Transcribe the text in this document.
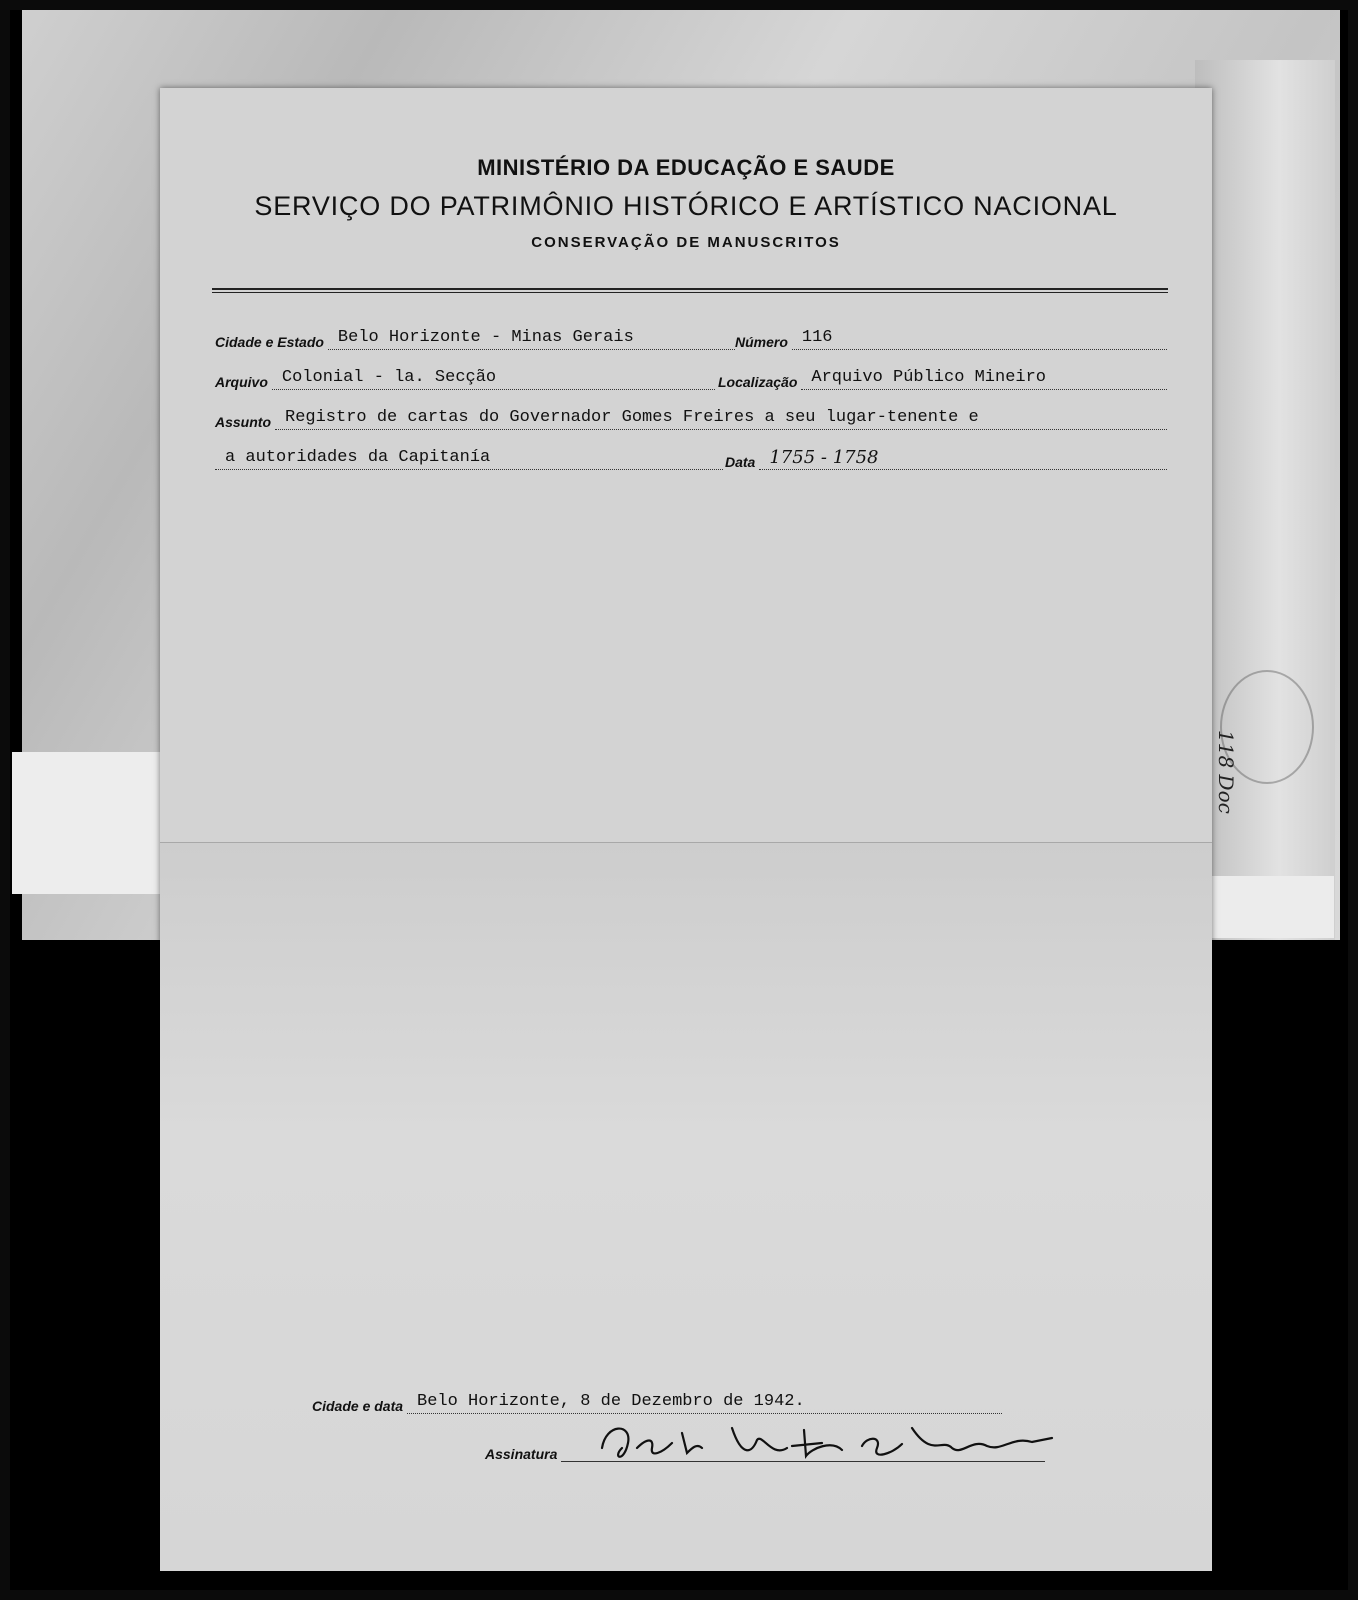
118 Doc
MINISTÉRIO DA EDUCAÇÃO E SAUDE
SERVIÇO DO PATRIMÔNIO HISTÓRICO E ARTÍSTICO NACIONAL
CONSERVAÇÃO DE MANUSCRITOS
Cidade e Estado Belo Horizonte - Minas Gerais	Número 116
Arquivo Colonial - la. Secção	Localização Arquivo Público Mineiro
Assunto Registro de cartas do Governador Gomes Freires a seu lugar-tenente e
a autoridades da Capitanía	Data 1755 - 1758
Cidade e data Belo Horizonte, 8 de Dezembro de 1942.
Assinatura
